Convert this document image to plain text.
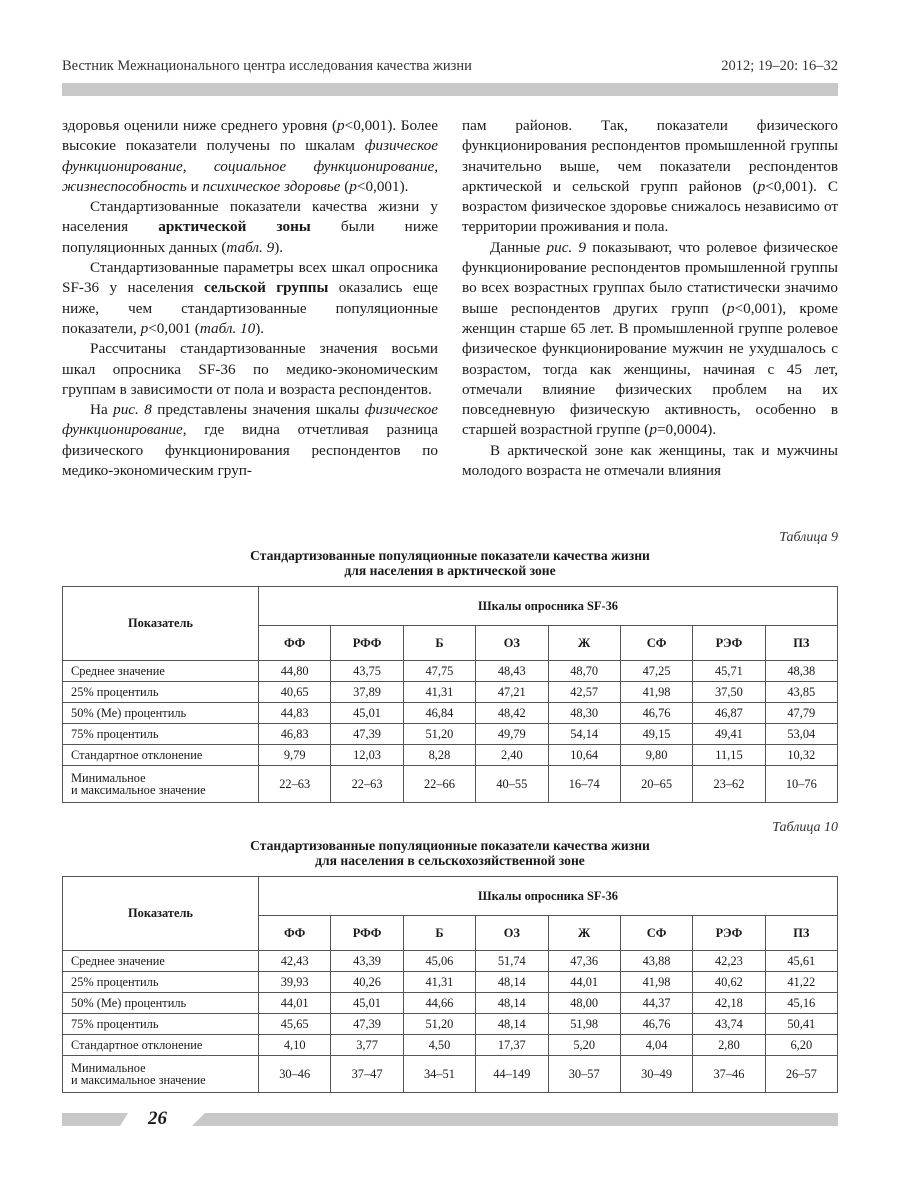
Вестник Межнационального центра исследования качества жизни	2012; 19–20: 16–32

здоровья оценили ниже среднего уровня (p<0,001). Более высокие показатели получены по шкалам физическое функционирование, социальное функционирование, жизнеспособность и психическое здоровье (p<0,001).

Стандартизованные показатели качества жизни у населения арктической зоны были ниже популяционных данных (табл. 9).

Стандартизованные параметры всех шкал опросника SF-36 у населения сельской группы оказались еще ниже, чем стандартизованные популяционные показатели, p<0,001 (табл. 10).

Рассчитаны стандартизованные значения восьми шкал опросника SF-36 по медико-экономическим группам в зависимости от пола и возраста респондентов.

На рис. 8 представлены значения шкалы физическое функционирование, где видна отчетливая разница физического функционирования респондентов по медико-экономическим груп-

пам районов. Так, показатели физического функционирования респондентов промышленной группы значительно выше, чем показатели респондентов арктической и сельской групп районов (p<0,001). С возрастом физическое здоровье снижалось независимо от территории проживания и пола.

Данные рис. 9 показывают, что ролевое физическое функционирование респондентов промышленной группы во всех возрастных группах было статистически значимо выше респондентов других групп (p<0,001), кроме женщин старше 65 лет. В промышленной группе ролевое физическое функционирование мужчин не ухудшалось с возрастом, тогда как женщины, начиная с 45 лет, отмечали влияние физических проблем на их повседневную физическую активность, особенно в старшей возрастной группе (p=0,0004).

В арктической зоне как женщины, так и мужчины молодого возраста не отмечали влияния

Таблица 9
Стандартизованные популяционные показатели качества жизни
для населения в арктической зоне
Показатель	Шкалы опросника SF-36							
	ФФ	РФФ	Б	ОЗ	Ж	СФ	РЭФ	ПЗ
Среднее значение	44,80	43,75	47,75	48,43	48,70	47,25	45,71	48,38
25% процентиль	40,65	37,89	41,31	47,21	42,57	41,98	37,50	43,85
50% (Ме) процентиль	44,83	45,01	46,84	48,42	48,30	46,76	46,87	47,79
75% процентиль	46,83	47,39	51,20	49,79	54,14	49,15	49,41	53,04
Стандартное отклонение	9,79	12,03	8,28	2,40	10,64	9,80	11,15	10,32
Минимальное
и максимальное значение	22–63	22–63	22–66	40–55	16–74	20–65	23–62	10–76
Таблица 10
Стандартизованные популяционные показатели качества жизни
для населения в сельскохозяйственной зоне
Показатель	Шкалы опросника SF-36							
	ФФ	РФФ	Б	ОЗ	Ж	СФ	РЭФ	ПЗ
Среднее значение	42,43	43,39	45,06	51,74	47,36	43,88	42,23	45,61
25% процентиль	39,93	40,26	41,31	48,14	44,01	41,98	40,62	41,22
50% (Ме) процентиль	44,01	45,01	44,66	48,14	48,00	44,37	42,18	45,16
75% процентиль	45,65	47,39	51,20	48,14	51,98	46,76	43,74	50,41
Стандартное отклонение	4,10	3,77	4,50	17,37	5,20	4,04	2,80	6,20
Минимальное
и максимальное значение	30–46	37–47	34–51	44–149	30–57	30–49	37–46	26–57
26
